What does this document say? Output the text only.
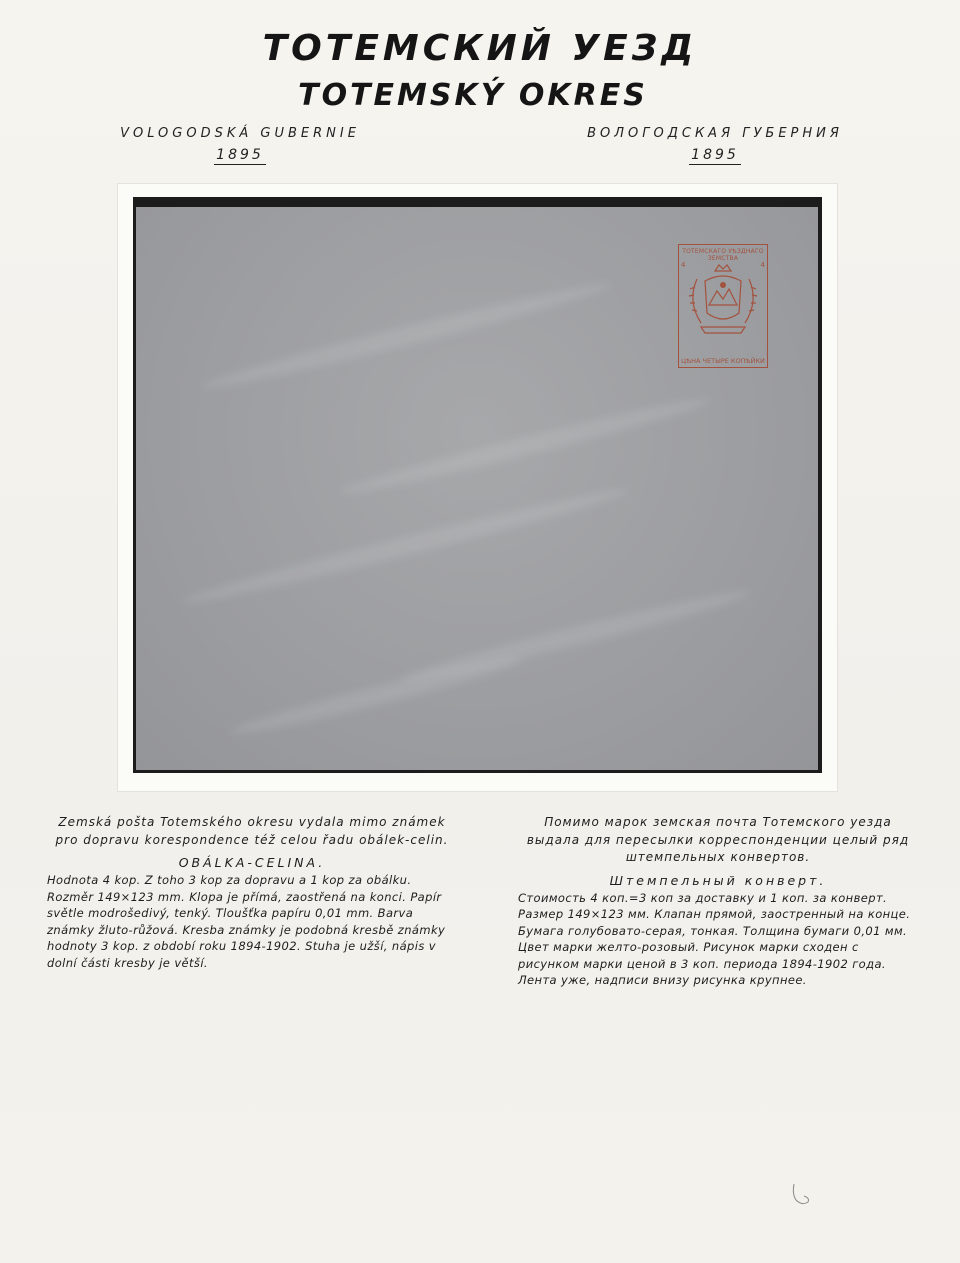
ТОТЕМСКИЙ УЕЗД
TOTEMSKÝ OKRES
VOLOGODSKÁ GUBERNIE
1895
ВОЛОГОДСКАЯ ГУБЕРНИЯ
1895
ТОТЕМСКАГО УѢЗДНАГО ЗЕМСТВА
4	4
ЦѢНА ЧЕТЫРЕ КОПѢЙКИ
Zemská pošta Totemského okresu vydala mimo známek pro dopravu korespondence též celou řadu obálek-celin.
OBÁLKA-CELINA.
Hodnota 4 kop. Z toho 3 kop za dopravu a 1 kop za obálku. Rozměr 149×123 mm. Klopa je přímá, zaostřená na konci. Papír světle modrošedivý, tenký. Tloušťka papíru 0,01 mm. Barva známky žluto-růžová. Kresba známky je podobná kresbě známky hodnoty 3 kop. z období roku 1894-1902. Stuha je užší, nápis v dolní části kresby je větší.
Помимо марок земская почта Тотемского уезда выдала для пересылки корреспонденции целый ряд штемпельных конвертов.
Штемпельный конверт.
Стоимость 4 коп.=3 коп за доставку и 1 коп. за конверт. Размер 149×123 мм. Клапан прямой, заостренный на конце. Бумага голубовато-серая, тонкая. Толщина бумаги 0,01 мм. Цвет марки желто-розовый. Рисунок марки сходен с рисунком марки ценой в 3 коп. периода 1894-1902 года. Лента уже, надписи внизу рисунка крупнее.
